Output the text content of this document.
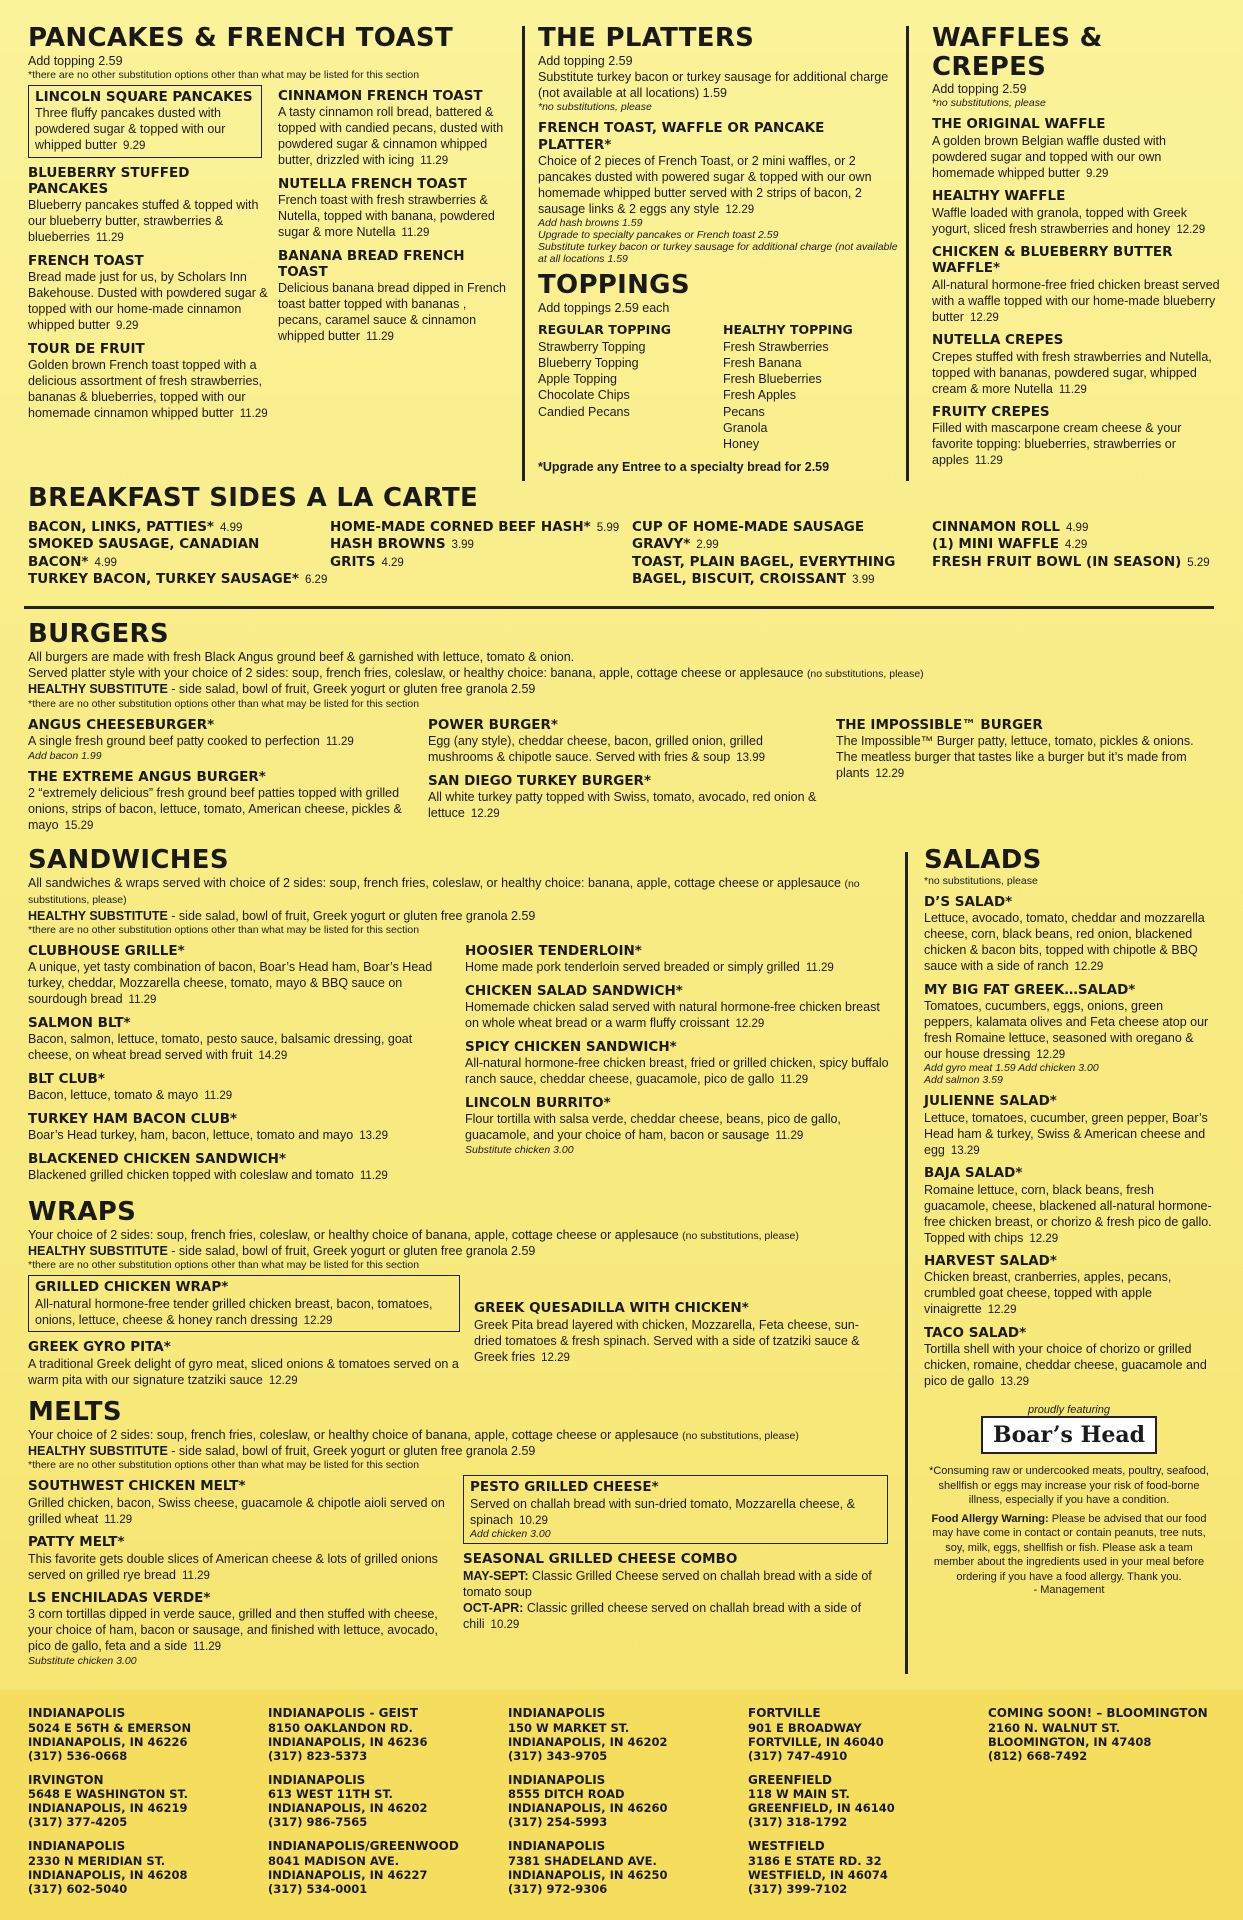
PANCAKES & FRENCH TOAST
Add topping 2.59
*there are no other substitution options other than what may be listed for this section
LINCOLN SQUARE PANCAKES
Three fluffy pancakes dusted with powdered sugar & topped with our whipped butter 9.29
BLUEBERRY STUFFED PANCAKES
Blueberry pancakes stuffed & topped with our blueberry butter, strawberries & blueberries 11.29
FRENCH TOAST
Bread made just for us, by Scholars Inn Bakehouse. Dusted with powdered sugar & topped with our home-made cinnamon whipped butter 9.29
TOUR DE FRUIT
Golden brown French toast topped with a delicious assortment of fresh strawberries, bananas & blueberries, topped with our homemade cinnamon whipped butter 11.29
CINNAMON FRENCH TOAST
A tasty cinnamon roll bread, battered & topped with candied pecans, dusted with powdered sugar & cinnamon whipped butter, drizzled with icing 11.29
NUTELLA FRENCH TOAST
French toast with fresh strawberries & Nutella, topped with banana, powdered sugar & more Nutella 11.29
BANANA BREAD FRENCH TOAST
Delicious banana bread dipped in French toast batter topped with bananas , pecans, caramel sauce & cinnamon whipped butter 11.29
THE PLATTERS
Add topping 2.59
Substitute turkey bacon or turkey sausage for additional charge (not available at all locations) 1.59
*no substitutions, please
FRENCH TOAST, WAFFLE OR PANCAKE PLATTER*
Choice of 2 pieces of French Toast, or 2 mini waffles, or 2 pancakes dusted with powered sugar & topped with our own homemade whipped butter served with 2 strips of bacon, 2 sausage links & 2 eggs any style 12.29
Add hash browns 1.59
Upgrade to specialty pancakes or French toast 2.59
Substitute turkey bacon or turkey sausage for additional charge (not available at all locations 1.59
TOPPINGS
Add toppings 2.59 each
REGULAR TOPPING
Strawberry Topping
Blueberry Topping
Apple Topping
Chocolate Chips
Candied Pecans
HEALTHY TOPPING
Fresh Strawberries
Fresh Banana
Fresh Blueberries
Fresh Apples
Pecans
Granola
Honey
*Upgrade any Entree to a specialty bread for 2.59
WAFFLES & CREPES
Add topping 2.59
*no substitutions, please
THE ORIGINAL WAFFLE
A golden brown Belgian waffle dusted with powdered sugar and topped with our own homemade whipped butter 9.29
HEALTHY WAFFLE
Waffle loaded with granola, topped with Greek yogurt, sliced fresh strawberries and honey 12.29
CHICKEN & BLUEBERRY BUTTER WAFFLE*
All-natural hormone-free fried chicken breast served with a waffle topped with our home-made blueberry butter 12.29
NUTELLA CREPES
Crepes stuffed with fresh strawberries and Nutella, topped with bananas, powdered sugar, whipped cream & more Nutella 11.29
FRUITY CREPES
Filled with mascarpone cream cheese & your favorite topping: blueberries, strawberries or apples 11.29
BREAKFAST SIDES A LA CARTE
BACON, LINKS, PATTIES* 4.99
SMOKED SAUSAGE, CANADIAN BACON* 4.99
TURKEY BACON, TURKEY SAUSAGE* 6.29
HOME-MADE CORNED BEEF HASH* 5.99
HASH BROWNS 3.99
GRITS 4.29
CUP OF HOME-MADE SAUSAGE GRAVY* 2.99
TOAST, PLAIN BAGEL, EVERYTHING BAGEL, BISCUIT, CROISSANT 3.99
CINNAMON ROLL 4.99
(1) MINI WAFFLE 4.29
FRESH FRUIT BOWL (IN SEASON) 5.29
BURGERS
All burgers are made with fresh Black Angus ground beef & garnished with lettuce, tomato & onion.
Served platter style with your choice of 2 sides: soup, french fries, coleslaw, or healthy choice: banana, apple, cottage cheese or applesauce (no substitutions, please)
HEALTHY SUBSTITUTE - side salad, bowl of fruit, Greek yogurt or gluten free granola 2.59
*there are no other substitution options other than what may be listed for this section
ANGUS CHEESEBURGER*
A single fresh ground beef patty cooked to perfection 11.29
Add bacon 1.99
THE EXTREME ANGUS BURGER*
2 “extremely delicious” fresh ground beef patties topped with grilled onions, strips of bacon, lettuce, tomato, American cheese, pickles & mayo 15.29
POWER BURGER*
Egg (any style), cheddar cheese, bacon, grilled onion, grilled mushrooms & chipotle sauce. Served with fries & soup 13.99
SAN DIEGO TURKEY BURGER*
All white turkey patty topped with Swiss, tomato, avocado, red onion & lettuce 12.29
THE IMPOSSIBLE™ BURGER
The Impossible™ Burger patty, lettuce, tomato, pickles & onions. The meatless burger that tastes like a burger but it’s made from plants 12.29
SANDWICHES
All sandwiches & wraps served with choice of 2 sides: soup, french fries, coleslaw, or healthy choice: banana, apple, cottage cheese or applesauce (no substitutions, please)
HEALTHY SUBSTITUTE - side salad, bowl of fruit, Greek yogurt or gluten free granola 2.59
*there are no other substitution options other than what may be listed for this section
CLUBHOUSE GRILLE*
A unique, yet tasty combination of bacon, Boar’s Head ham, Boar’s Head turkey, cheddar, Mozzarella cheese, tomato, mayo & BBQ sauce on sourdough bread 11.29
SALMON BLT*
Bacon, salmon, lettuce, tomato, pesto sauce, balsamic dressing, goat cheese, on wheat bread served with fruit 14.29
BLT CLUB*
Bacon, lettuce, tomato & mayo 11.29
TURKEY HAM BACON CLUB*
Boar’s Head turkey, ham, bacon, lettuce, tomato and mayo 13.29
BLACKENED CHICKEN SANDWICH*
Blackened grilled chicken topped with coleslaw and tomato 11.29
HOOSIER TENDERLOIN*
Home made pork tenderloin served breaded or simply grilled 11.29
CHICKEN SALAD SANDWICH*
Homemade chicken salad served with natural hormone-free chicken breast on whole wheat bread or a warm fluffy croissant 12.29
SPICY CHICKEN SANDWICH*
All-natural hormone-free chicken breast, fried or grilled chicken, spicy buffalo ranch sauce, cheddar cheese, guacamole, pico de gallo 11.29
LINCOLN BURRITO*
Flour tortilla with salsa verde, cheddar cheese, beans, pico de gallo, guacamole, and your choice of ham, bacon or sausage 11.29
Substitute chicken 3.00
WRAPS
Your choice of 2 sides: soup, french fries, coleslaw, or healthy choice of banana, apple, cottage cheese or applesauce (no substitutions, please)
HEALTHY SUBSTITUTE - side salad, bowl of fruit, Greek yogurt or gluten free granola 2.59
*there are no other substitution options other than what may be listed for this section
GRILLED CHICKEN WRAP*
All-natural hormone-free tender grilled chicken breast, bacon, tomatoes, onions, lettuce, cheese & honey ranch dressing 12.29
GREEK GYRO PITA*
A traditional Greek delight of gyro meat, sliced onions & tomatoes served on a warm pita with our signature tzatziki sauce 12.29
GREEK QUESADILLA WITH CHICKEN*
Greek Pita bread layered with chicken, Mozzarella, Feta cheese, sun-dried tomatoes & fresh spinach. Served with a side of tzatziki sauce & Greek fries 12.29
MELTS
Your choice of 2 sides: soup, french fries, coleslaw, or healthy choice of banana, apple, cottage cheese or applesauce (no substitutions, please)
HEALTHY SUBSTITUTE - side salad, bowl of fruit, Greek yogurt or gluten free granola 2.59
*there are no other substitution options other than what may be listed for this section
SOUTHWEST CHICKEN MELT*
Grilled chicken, bacon, Swiss cheese, guacamole & chipotle aioli served on grilled wheat 11.29
PATTY MELT*
This favorite gets double slices of American cheese & lots of grilled onions served on grilled rye bread 11.29
LS ENCHILADAS VERDE*
3 corn tortillas dipped in verde sauce, grilled and then stuffed with cheese, your choice of ham, bacon or sausage, and finished with lettuce, avocado, pico de gallo, feta and a side 11.29
Substitute chicken 3.00
PESTO GRILLED CHEESE*
Served on challah bread with sun-dried tomato, Mozzarella cheese, & spinach 10.29
Add chicken 3.00
SEASONAL GRILLED CHEESE COMBO
MAY-SEPT: Classic Grilled Cheese served on challah bread with a side of tomato soup
OCT-APR: Classic grilled cheese served on challah bread with a side of chili 10.29
SALADS
*no substitutions, please
D’S SALAD*
Lettuce, avocado, tomato, cheddar and mozzarella cheese, corn, black beans, red onion, blackened chicken & bacon bits, topped with chipotle & BBQ sauce with a side of ranch 12.29
MY BIG FAT GREEK…SALAD*
Tomatoes, cucumbers, eggs, onions, green peppers, kalamata olives and Feta cheese atop our fresh Romaine lettuce, seasoned with oregano & our house dressing 12.29
Add gyro meat 1.59 Add chicken 3.00
Add salmon 3.59
JULIENNE SALAD*
Lettuce, tomatoes, cucumber, green pepper, Boar’s Head ham & turkey, Swiss & American cheese and egg 13.29
BAJA SALAD*
Romaine lettuce, corn, black beans, fresh guacamole, cheese, blackened all-natural hormone-free chicken breast, or chorizo & fresh pico de gallo. Topped with chips 12.29
HARVEST SALAD*
Chicken breast, cranberries, apples, pecans, crumbled goat cheese, topped with apple vinaigrette 12.29
TACO SALAD*
Tortilla shell with your choice of chorizo or grilled chicken, romaine, cheddar cheese, guacamole and pico de gallo 13.29
proudly featuring
Boar’s Head
*Consuming raw or undercooked meats, poultry, seafood, shellfish or eggs may increase your risk of food-borne illness, especially if you have a condition.
Food Allergy Warning: Please be advised that our food may have come in contact or contain peanuts, tree nuts, soy, milk, eggs, shellfish or fish. Please ask a team member about the ingredients used in your meal before ordering if you have a food allergy. Thank you.
- Management
INDIANAPOLIS
5024 E 56TH & EMERSON
INDIANAPOLIS, IN 46226
(317) 536-0668
IRVINGTON
5648 E WASHINGTON ST.
INDIANAPOLIS, IN 46219
(317) 377-4205
INDIANAPOLIS
2330 N MERIDIAN ST.
INDIANAPOLIS, IN 46208
(317) 602-5040
INDIANAPOLIS - GEIST
8150 OAKLANDON RD.
INDIANAPOLIS, IN 46236
(317) 823-5373
INDIANAPOLIS
613 WEST 11TH ST.
INDIANAPOLIS, IN 46202
(317) 986-7565
INDIANAPOLIS/GREENWOOD
8041 MADISON AVE.
INDIANAPOLIS, IN 46227
(317) 534-0001
INDIANAPOLIS
150 W MARKET ST.
INDIANAPOLIS, IN 46202
(317) 343-9705
INDIANAPOLIS
8555 DITCH ROAD
INDIANAPOLIS, IN 46260
(317) 254-5993
INDIANAPOLIS
7381 SHADELAND AVE.
INDIANAPOLIS, IN 46250
(317) 972-9306
FORTVILLE
901 E BROADWAY
FORTVILLE, IN 46040
(317) 747-4910
GREENFIELD
118 W MAIN ST.
GREENFIELD, IN 46140
(317) 318-1792
WESTFIELD
3186 E STATE RD. 32
WESTFIELD, IN 46074
(317) 399-7102
COMING SOON! – BLOOMINGTON
2160 N. WALNUT ST.
BLOOMINGTON, IN 47408
(812) 668-7492
